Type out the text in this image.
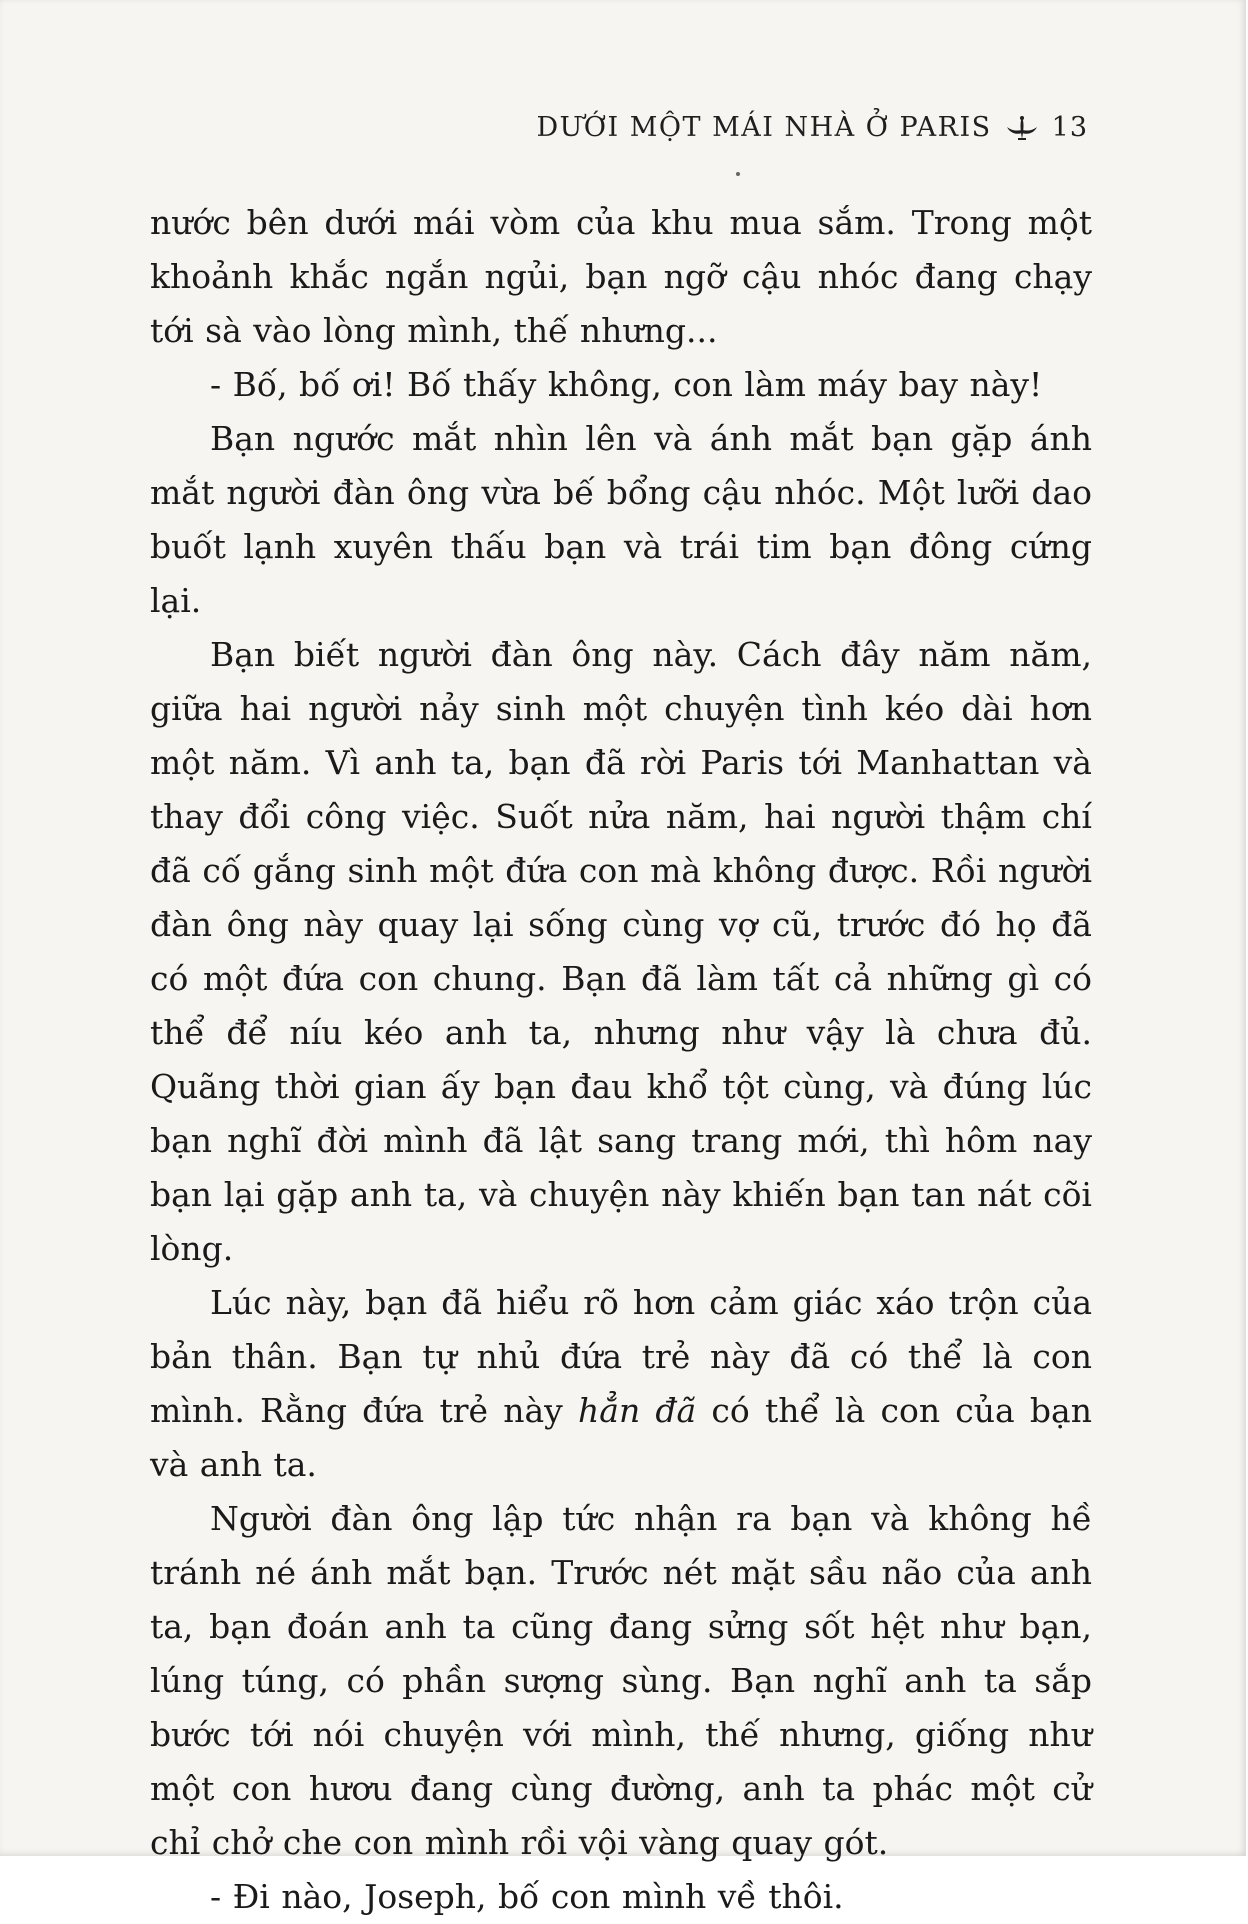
DƯỚI MỘT MÁI NHÀ Ở PARIS 13

nước bên dưới mái vòm của khu mua sắm. Trong một khoảnh khắc ngắn ngủi, bạn ngỡ cậu nhóc đang chạy tới sà vào lòng mình, thế nhưng...

- Bố, bố ơi! Bố thấy không, con làm máy bay này!

Bạn ngước mắt nhìn lên và ánh mắt bạn gặp ánh mắt người đàn ông vừa bế bổng cậu nhóc. Một lưỡi dao buốt lạnh xuyên thấu bạn và trái tim bạn đông cứng lại.

Bạn biết người đàn ông này. Cách đây năm năm, giữa hai người nảy sinh một chuyện tình kéo dài hơn một năm. Vì anh ta, bạn đã rời Paris tới Manhattan và thay đổi công việc. Suốt nửa năm, hai người thậm chí đã cố gắng sinh một đứa con mà không được. Rồi người đàn ông này quay lại sống cùng vợ cũ, trước đó họ đã có một đứa con chung. Bạn đã làm tất cả những gì có thể để níu kéo anh ta, nhưng như vậy là chưa đủ. Quãng thời gian ấy bạn đau khổ tột cùng, và đúng lúc bạn nghĩ đời mình đã lật sang trang mới, thì hôm nay bạn lại gặp anh ta, và chuyện này khiến bạn tan nát cõi lòng.

Lúc này, bạn đã hiểu rõ hơn cảm giác xáo trộn của bản thân. Bạn tự nhủ đứa trẻ này đã có thể là con mình. Rằng đứa trẻ này hẳn đã có thể là con của bạn và anh ta.

Người đàn ông lập tức nhận ra bạn và không hề tránh né ánh mắt bạn. Trước nét mặt sầu não của anh ta, bạn đoán anh ta cũng đang sửng sốt hệt như bạn, lúng túng, có phần sượng sùng. Bạn nghĩ anh ta sắp bước tới nói chuyện với mình, thế nhưng, giống như một con hươu đang cùng đường, anh ta phác một cử chỉ chở che con mình rồi vội vàng quay gót.

- Đi nào, Joseph, bố con mình về thôi.
